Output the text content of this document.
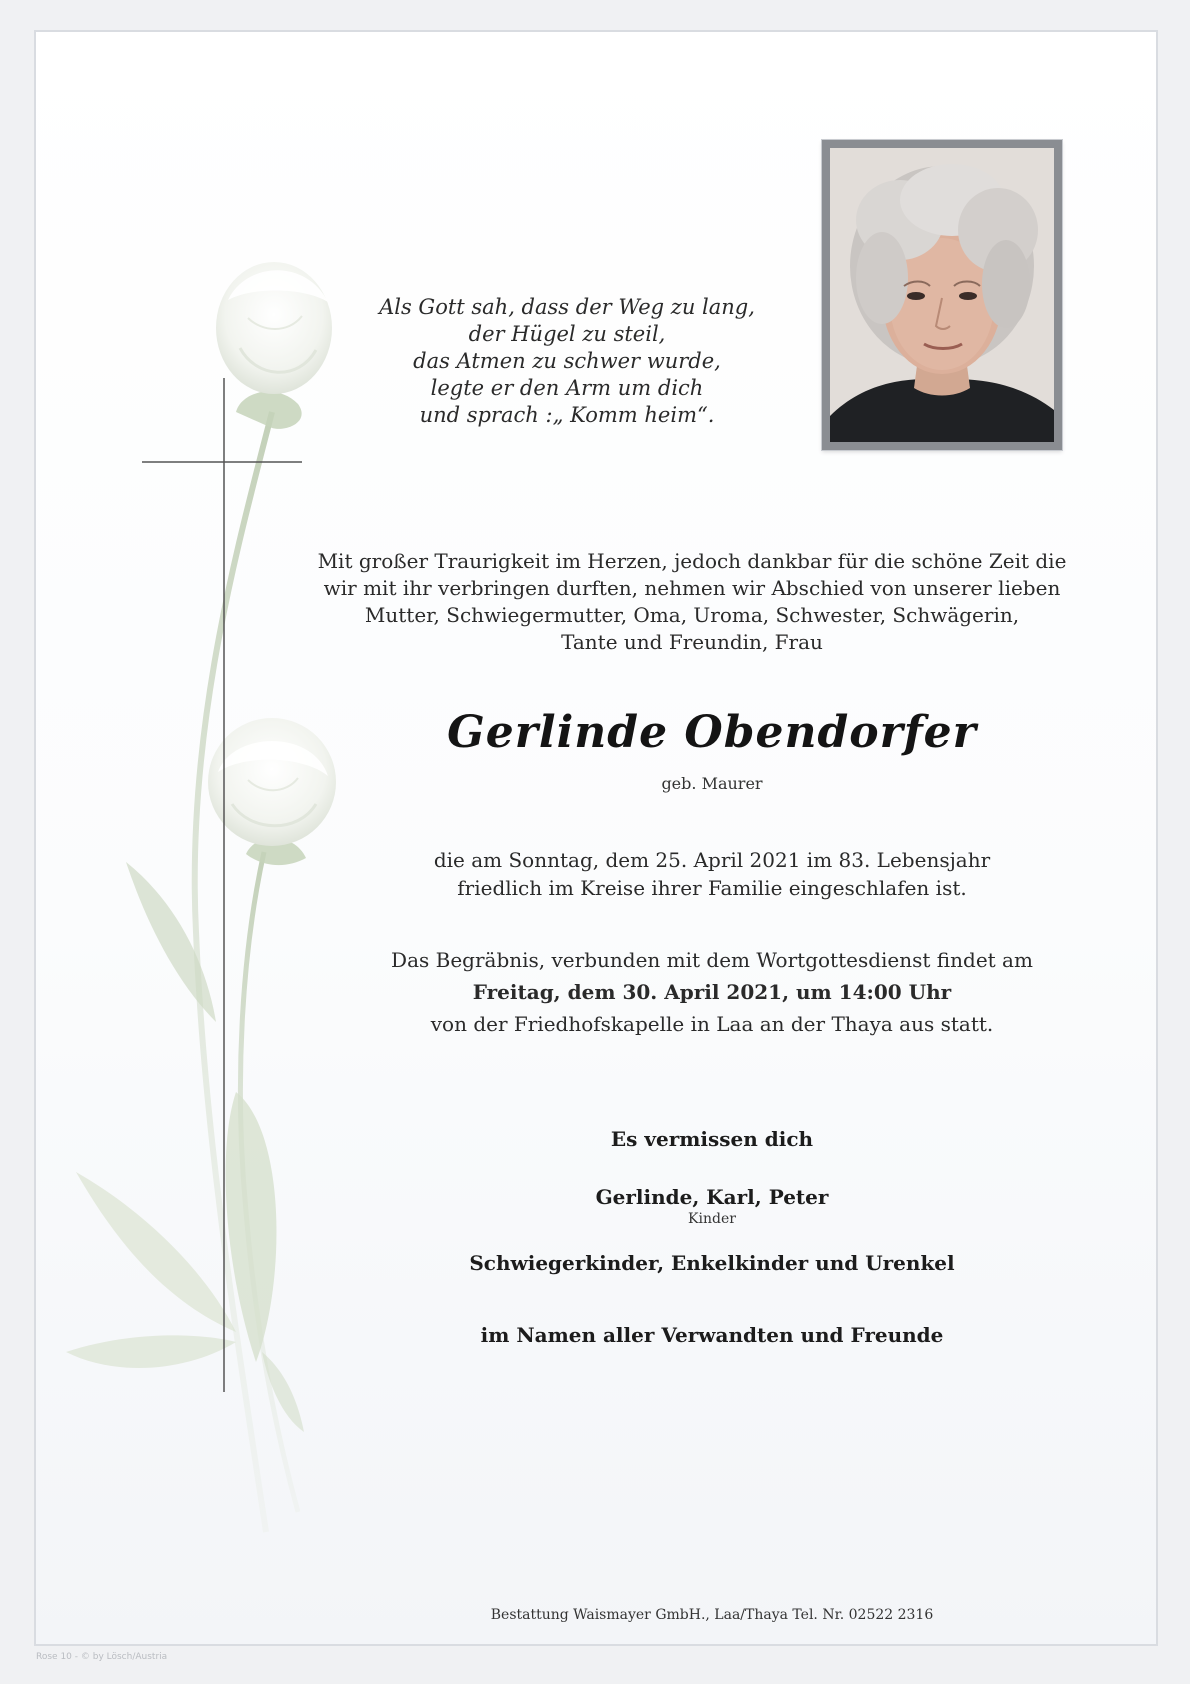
Als Gott sah, dass der Weg zu lang,
der Hügel zu steil,
das Atmen zu schwer wurde,
legte er den Arm um dich
und sprach :„ Komm heim“.
Mit großer Traurigkeit im Herzen, jedoch dankbar für die schöne Zeit die
wir mit ihr verbringen durften, nehmen wir Abschied von unserer lieben
Mutter, Schwiegermutter, Oma, Uroma, Schwester, Schwägerin,
Tante und Freundin, Frau
Gerlinde Obendorfer
geb. Maurer
die am Sonntag, dem 25. April 2021 im 83. Lebensjahr
friedlich im Kreise ihrer Familie eingeschlafen ist.
Das Begräbnis, verbunden mit dem Wortgottesdienst findet am
Freitag, dem 30. April 2021, um 14:00 Uhr
von der Friedhofskapelle in Laa an der Thaya aus statt.
Es vermissen dich
Gerlinde, Karl, Peter
Kinder
Schwiegerkinder, Enkelkinder und Urenkel
im Namen aller Verwandten und Freunde
Bestattung Waismayer GmbH., Laa/Thaya Tel. Nr. 02522 2316
Rose 10 - © by Lösch/Austria
